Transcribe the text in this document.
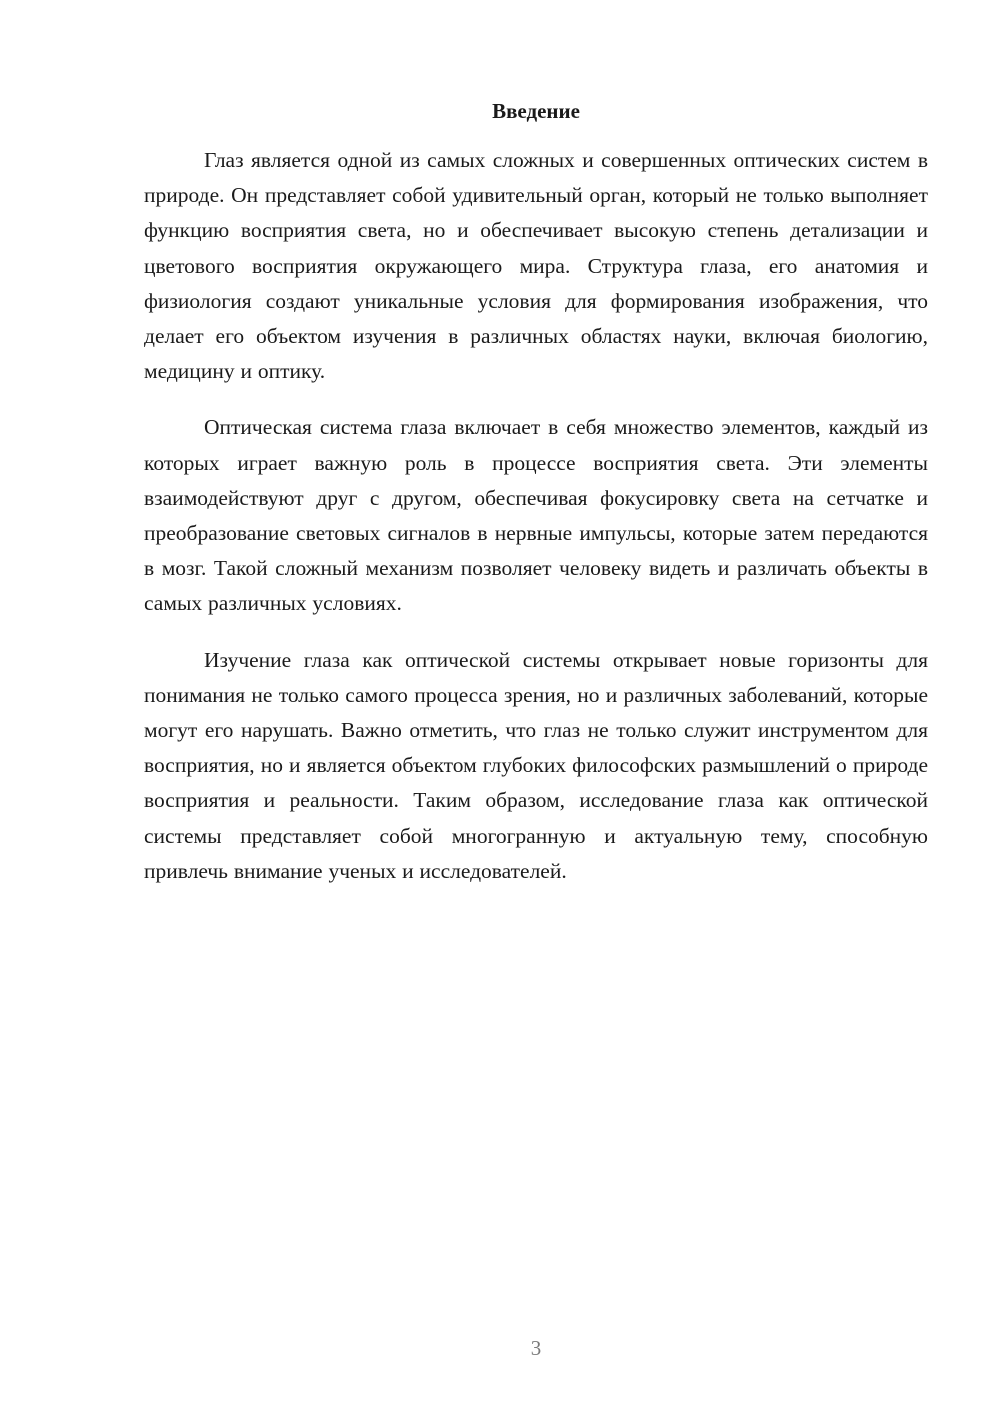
Введение

Глаз является одной из самых сложных и совершенных оптических систем в природе. Он представляет собой удивительный орган, который не только выполняет функцию восприятия света, но и обеспечивает высокую степень детализации и цветового восприятия окружающего мира. Структура глаза, его анатомия и физиология создают уникальные условия для формирования изображения, что делает его объектом изучения в различных областях науки, включая биологию, медицину и оптику.

Оптическая система глаза включает в себя множество элементов, каждый из которых играет важную роль в процессе восприятия света. Эти элементы взаимодействуют друг с другом, обеспечивая фокусировку света на сетчатке и преобразование световых сигналов в нервные импульсы, которые затем передаются в мозг. Такой сложный механизм позволяет человеку видеть и различать объекты в самых различных условиях.

Изучение глаза как оптической системы открывает новые горизонты для понимания не только самого процесса зрения, но и различных заболеваний, которые могут его нарушать. Важно отметить, что глаз не только служит инструментом для восприятия, но и является объектом глубоких философских размышлений о природе восприятия и реальности. Таким образом, исследование глаза как оптической системы представляет собой многогранную и актуальную тему, способную привлечь внимание ученых и исследователей.

3
